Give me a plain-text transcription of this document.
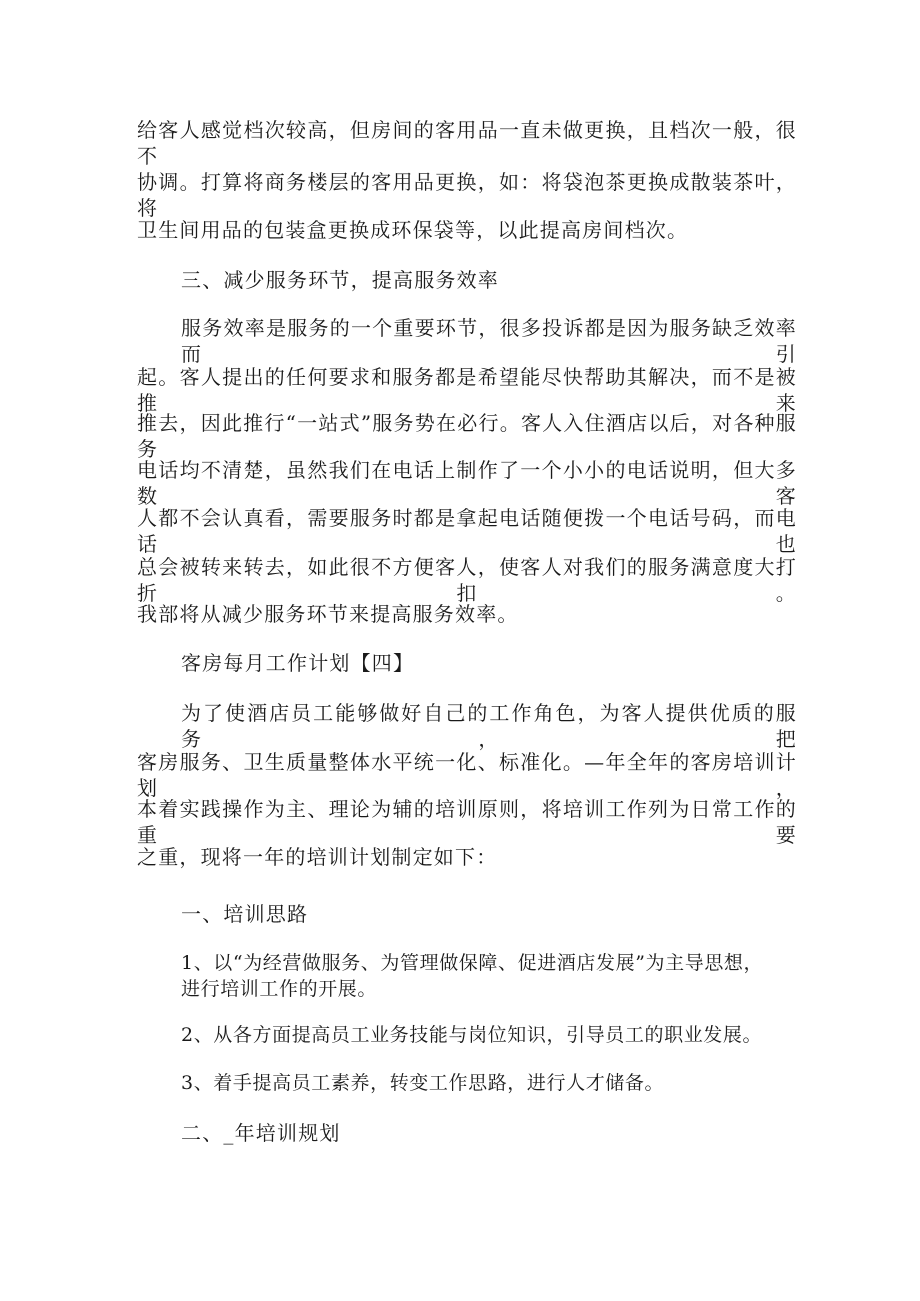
给客人感觉档次较高，但房间的客用品一直未做更换，且档次一般，很不
协调。打算将商务楼层的客用品更换，如：将袋泡茶更换成散装茶叶，将
卫生间用品的包装盒更换成环保袋等，以此提高房间档次。
三、减少服务环节，提高服务效率
服务效率是服务的一个重要环节，很多投诉都是因为服务缺乏效率而引
起。客人提出的任何要求和服务都是希望能尽快帮助其解决，而不是被推来
推去，因此推行“一站式”服务势在必行。客人入住酒店以后，对各种服务
电话均不清楚，虽然我们在电话上制作了一个小小的电话说明，但大多数客
人都不会认真看，需要服务时都是拿起电话随便拨一个电话号码，而电话也
总会被转来转去，如此很不方便客人，使客人对我们的服务满意度大打折扣。
我部将从减少服务环节来提高服务效率。
客房每月工作计划【四】
为了使酒店员工能够做好自己的工作角色，为客人提供优质的服务，把
客房服务、卫生质量整体水平统一化、标准化。—年全年的客房培训计划，
本着实践操作为主、理论为辅的培训原则，将培训工作列为日常工作的重要
之重，现将一年的培训计划制定如下：
一、培训思路
1、以“为经营做服务、为管理做保障、促进酒店发展”为主导思想，
进行培训工作的开展。
2、从各方面提高员工业务技能与岗位知识，引导员工的职业发展。
3、着手提高员工素养，转变工作思路，进行人才储备。
二、_年培训规划
